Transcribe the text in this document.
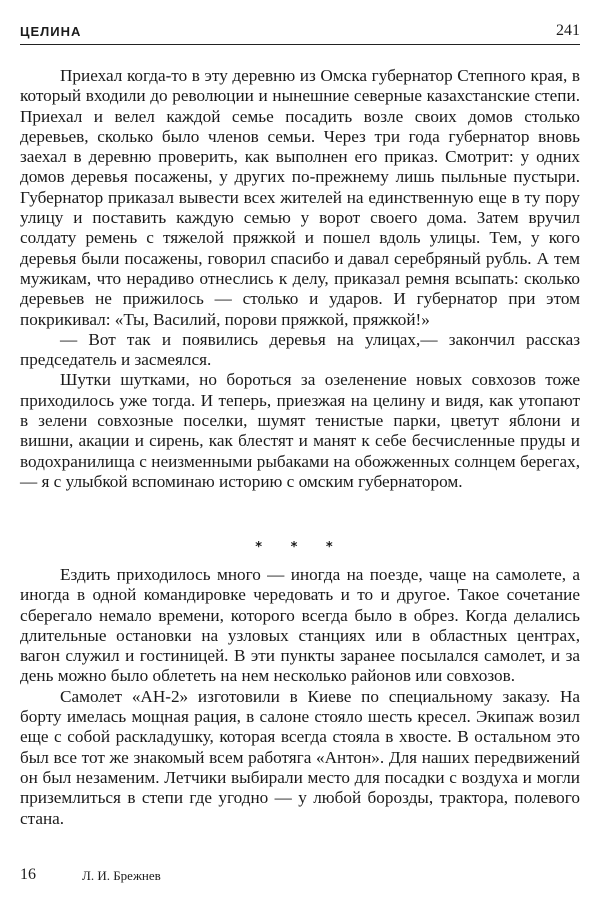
ЦЕЛИНА	241

Приехал когда-то в эту деревню из Омска губернатор Степного края, в который входили до революции и нынешние северные казахстанские степи. Приехал и велел каждой семье посадить возле своих домов столько деревьев, сколько было членов семьи. Через три года губернатор вновь заехал в деревню проверить, как выполнен его приказ. Смотрит: у одних домов деревья посажены, у других по-прежнему лишь пыльные пустыри. Губернатор приказал вывести всех жителей на единственную еще в ту пору улицу и поставить каждую семью у ворот своего дома. Затем вручил солдату ремень с тяжелой пряжкой и пошел вдоль улицы. Тем, у кого деревья были посажены, говорил спасибо и давал серебряный рубль. А тем мужикам, что нерадиво отнеслись к делу, приказал ремня всыпать: сколько деревьев не прижилось — столько и ударов. И губернатор при этом покрикивал: «Ты, Василий, порови пряжкой, пряжкой!»

— Вот так и появились деревья на улицах,— закончил рассказ председатель и засмеялся.

Шутки шутками, но бороться за озеленение новых совхозов тоже приходилось уже тогда. И теперь, приезжая на целину и видя, как утопают в зелени совхозные поселки, шумят тенистые парки, цветут яблони и вишни, акации и сирень, как блестят и манят к себе бесчисленные пруды и водохранилища с неизменными рыбаками на обожженных солнцем берегах,— я с улыбкой вспоминаю историю с омским губернатором.

* * *

Ездить приходилось много — иногда на поезде, чаще на самолете, а иногда в одной командировке чередовать и то и другое. Такое сочетание сберегало немало времени, которого всегда было в обрез. Когда делались длительные остановки на узловых станциях или в областных центрах, вагон служил и гостиницей. В эти пункты заранее посылался самолет, и за день можно было облететь на нем несколько районов или совхозов.

Самолет «АН-2» изготовили в Киеве по специальному заказу. На борту имелась мощная рация, в салоне стояло шесть кресел. Экипаж возил еще с собой раскладушку, которая всегда стояла в хвосте. В остальном это был все тот же знакомый всем работяга «Антон». Для наших передвижений он был незаменим. Летчики выбирали место для посадки с воздуха и могли приземлиться в степи где угодно — у любой борозды, трактора, полевого стана.

16	Л. И. Брежнев
